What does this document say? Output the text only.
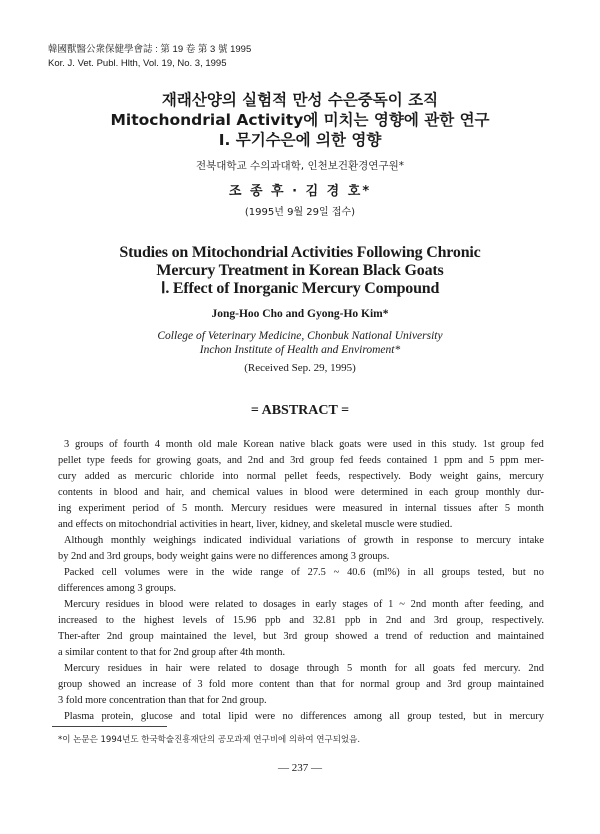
韓國獸醫公衆保健學會誌 : 第 19 卷 第 3 號 1995
Kor. J. Vet. Publ. Hlth, Vol. 19, No. 3, 1995
재래산양의 실험적 만성 수은중독이 조직
Mitochondrial Activity에 미치는 영향에 관한 연구
Ⅰ. 무기수은에 의한 영향
전북대학교 수의과대학, 인천보건환경연구원*
조 종 후 · 김 경 호*
(1995년 9월 29일 접수)
Studies on Mitochondrial Activities Following Chronic
Mercury Treatment in Korean Black Goats
Ⅰ. Effect of Inorganic Mercury Compound
Jong-Hoo Cho and Gyong-Ho Kim*
College of Veterinary Medicine, Chonbuk National University
Inchon Institute of Health and Enviroment*
(Received Sep. 29, 1995)
= ABSTRACT =
3 groups of fourth 4 month old male Korean native black goats were used in this study. 1st group fed
pellet type feeds for growing goats, and 2nd and 3rd group fed feeds contained 1 ppm and 5 ppm mer-
cury added as mercuric chloride into normal pellet feeds, respectively. Body weight gains, mercury
contents in blood and hair, and chemical values in blood were determined in each group monthly dur-
ing experiment period of 5 month. Mercury residues were measured in internal tissues after 5 month
and effects on mitochondrial activities in heart, liver, kidney, and skeletal muscle were studied.
Although monthly weighings indicated individual variations of growth in response to mercury intake
by 2nd and 3rd groups, body weight gains were no differences among 3 groups.
Packed cell volumes were in the wide range of 27.5 ~ 40.6 (ml%) in all groups tested, but no
differences among 3 groups.
Mercury residues in blood were related to dosages in early stages of 1 ~ 2nd month after feeding, and
increased to the highest levels of 15.96 ppb and 32.81 ppb in 2nd and 3rd group, respectively.
Ther-after 2nd group maintained the level, but 3rd group showed a trend of reduction and maintained
a similar content to that for 2nd group after 4th month.
Mercury residues in hair were related to dosage through 5 month for all goats fed mercury. 2nd
group showed an increase of 3 fold more content than that for normal group and 3rd group maintained
3 fold more concentration than that for 2nd group.
Plasma protein, glucose and total lipid were no differences among all group tested, but in mercury
*이 논문은 1994년도 한국학술진흥재단의 공모과제 연구비에 의하여 연구되었음.
— 237 —
